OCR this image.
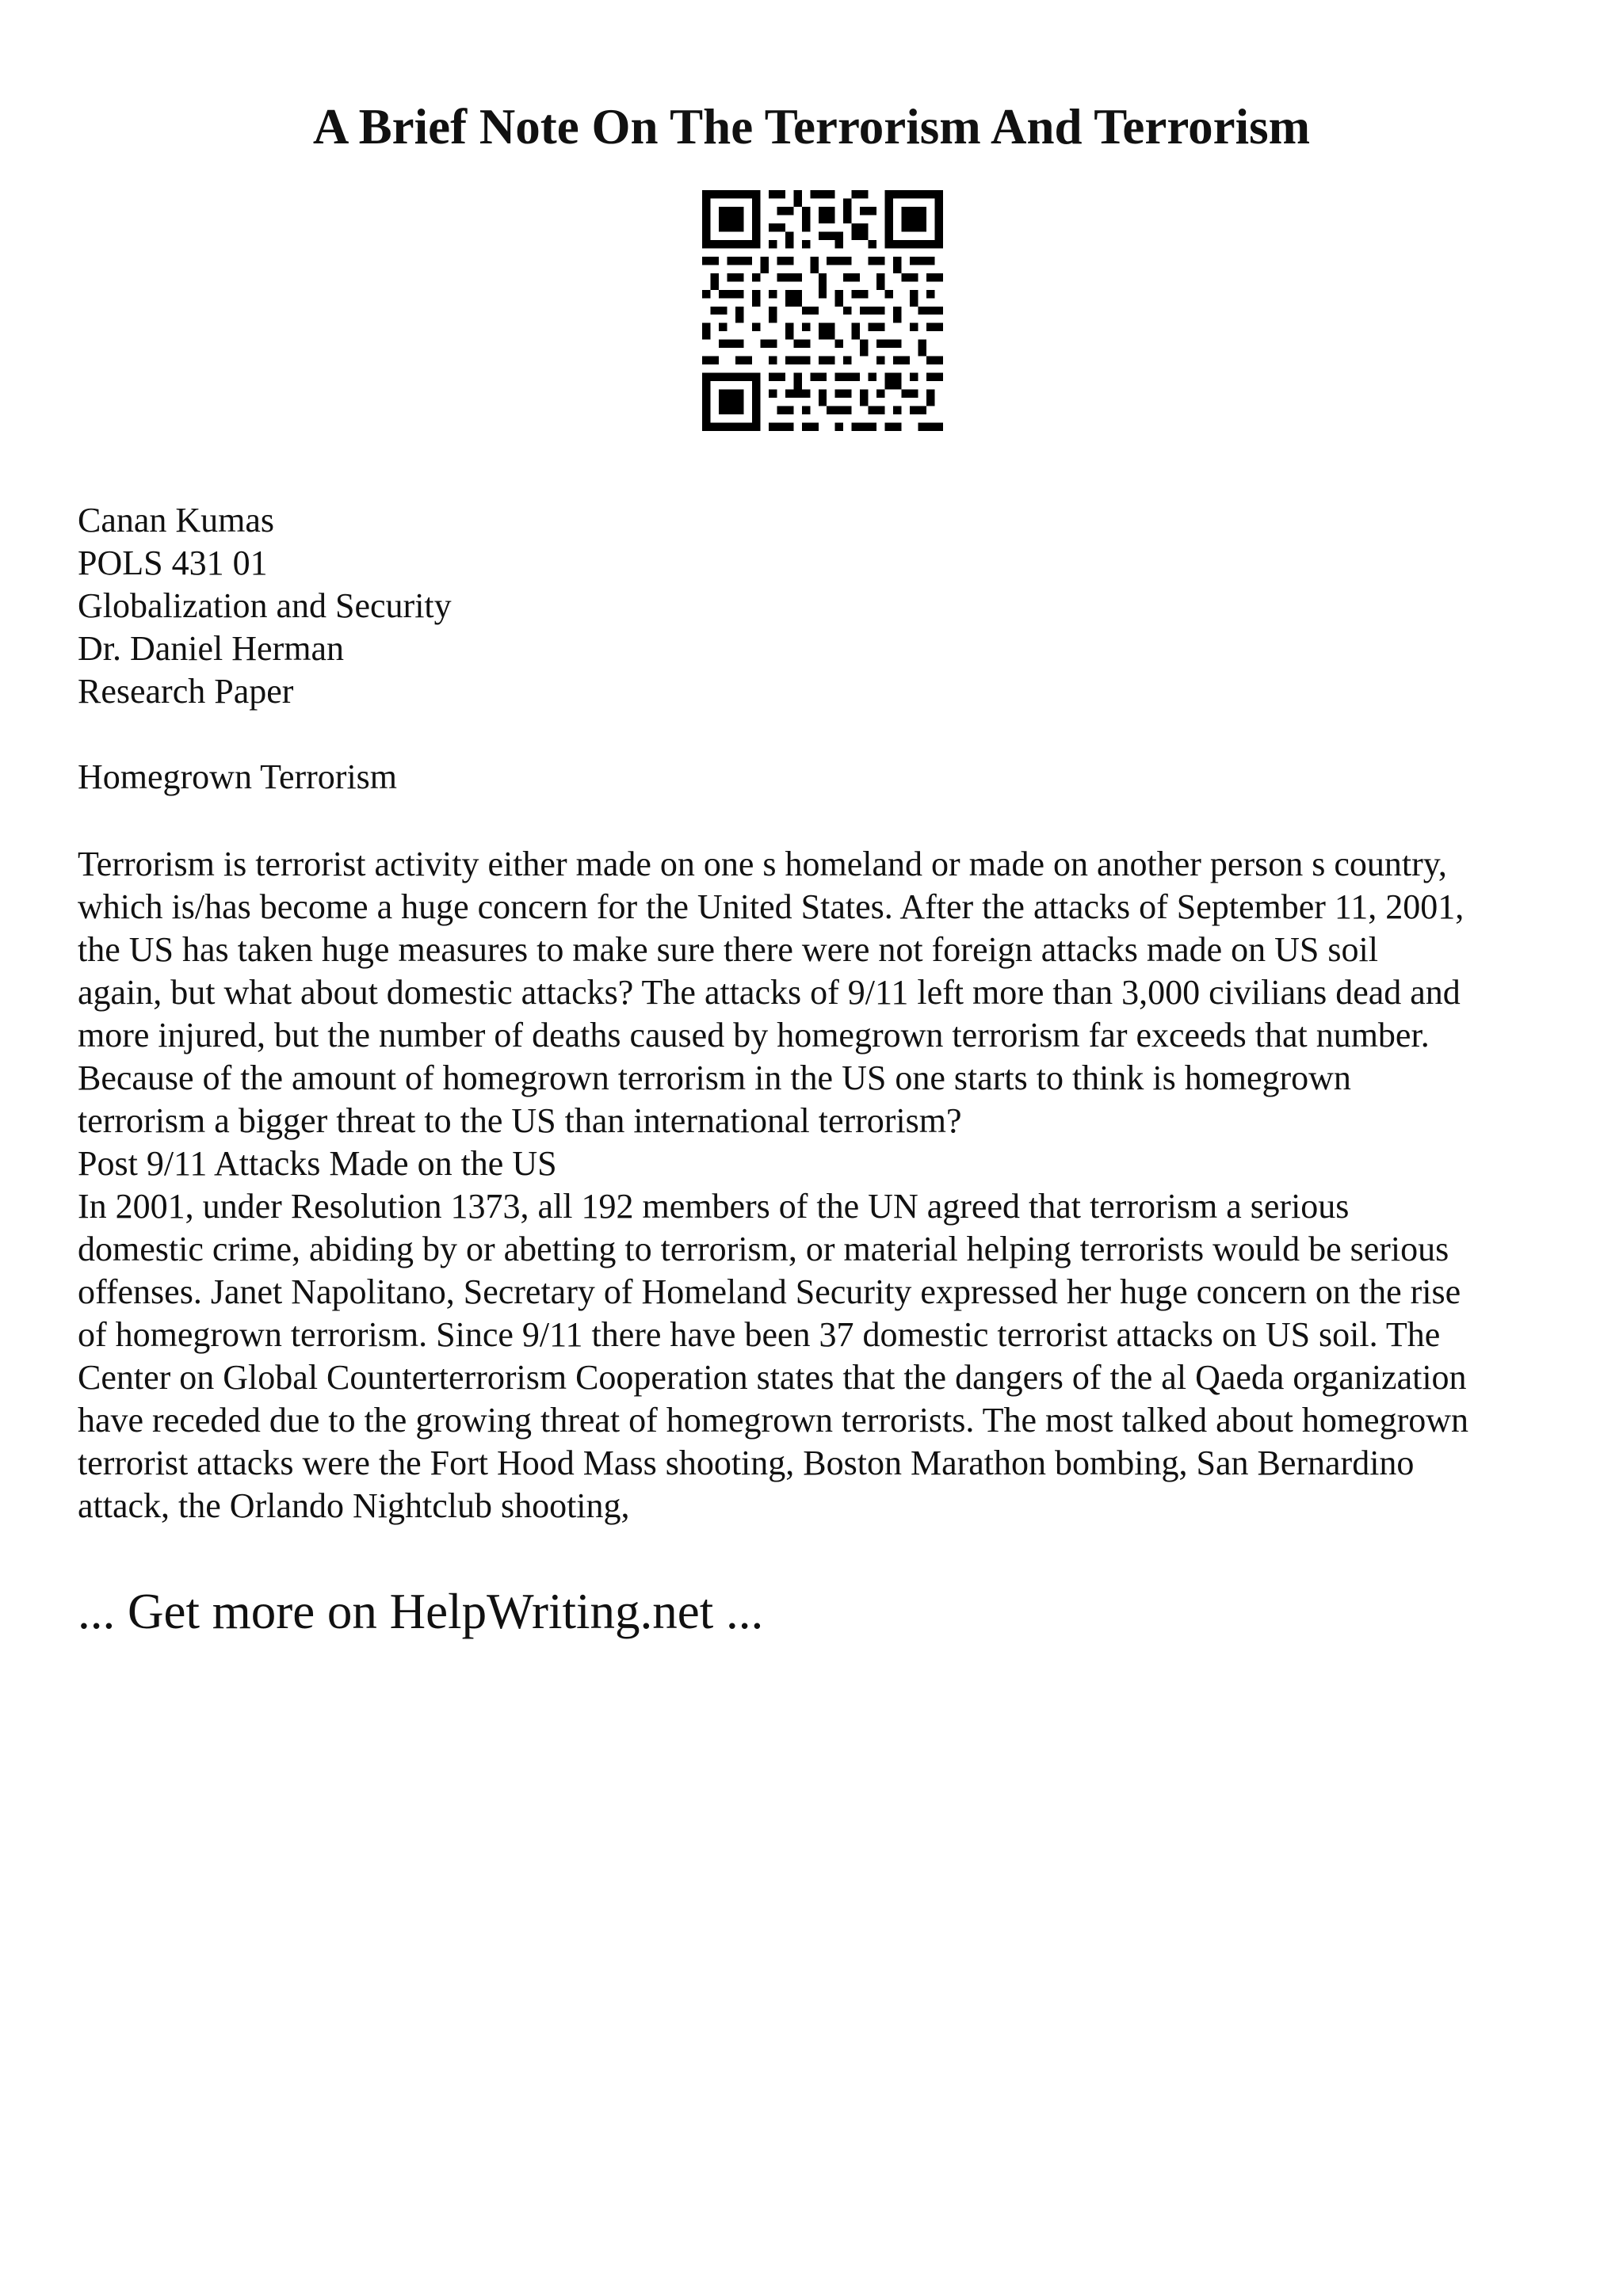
A Brief Note On The Terrorism And Terrorism
Canan Kumas
POLS 431 01
Globalization and Security
Dr. Daniel Herman
Research Paper
Homegrown Terrorism
Terrorism is terrorist activity either made on one s homeland or made on another person s country,
which is/has become a huge concern for the United States. After the attacks of September 11, 2001,
the US has taken huge measures to make sure there were not foreign attacks made on US soil
again, but what about domestic attacks? The attacks of 9/11 left more than 3,000 civilians dead and
more injured, but the number of deaths caused by homegrown terrorism far exceeds that number.
Because of the amount of homegrown terrorism in the US one starts to think is homegrown
terrorism a bigger threat to the US than international terrorism?
Post 9/11 Attacks Made on the US
In 2001, under Resolution 1373, all 192 members of the UN agreed that terrorism a serious
domestic crime, abiding by or abetting to terrorism, or material helping terrorists would be serious
offenses. Janet Napolitano, Secretary of Homeland Security expressed her huge concern on the rise
of homegrown terrorism. Since 9/11 there have been 37 domestic terrorist attacks on US soil. The
Center on Global Counterterrorism Cooperation states that the dangers of the al Qaeda organization
have receded due to the growing threat of homegrown terrorists. The most talked about homegrown
terrorist attacks were the Fort Hood Mass shooting, Boston Marathon bombing, San Bernardino
attack, the Orlando Nightclub shooting,
... Get more on HelpWriting.net ...
